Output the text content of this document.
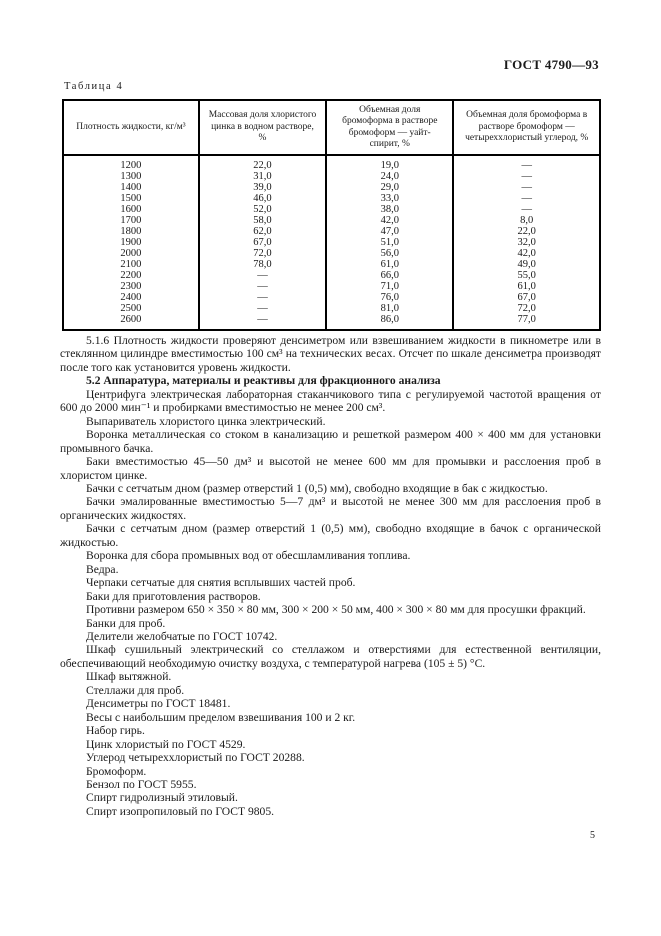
ГОСТ 4790—93
Таблица 4
Плотность жидкости, кг/м³	Массовая доля хлористого цинка в водном растворе, %	Объемная доля бромоформа в растворе бромоформ — уайт-спирит, %	Объемная доля бромоформа в растворе бромоформ — четыреххлористый углерод, %
1200	22,0	19,0	—
1300	31,0	24,0	—
1400	39,0	29,0	—
1500	46,0	33,0	—
1600	52,0	38,0	—
1700	58,0	42,0	8,0
1800	62,0	47,0	22,0
1900	67,0	51,0	32,0
2000	72,0	56,0	42,0
2100	78,0	61,0	49,0
2200	—	66,0	55,0
2300	—	71,0	61,0
2400	—	76,0	67,0
2500	—	81,0	72,0
2600	—	86,0	77,0

5.1.6 Плотность жидкости проверяют денсиметром или взвешиванием жидкости в пикнометре или в стеклянном цилиндре вместимостью 100 см³ на технических весах. Отсчет по шкале денсиметра производят после того как установится уровень жидкости.

5.2 Аппаратура, материалы и реактивы для фракционного анализа

Центрифуга электрическая лабораторная стаканчикового типа с регулируемой частотой вращения от 600 до 2000 мин⁻¹ и пробирками вместимостью не менее 200 см³.

Выпариватель хлористого цинка электрический.

Воронка металлическая со стоком в канализацию и решеткой размером 400 × 400 мм для установки промывного бачка.

Баки вместимостью 45—50 дм³ и высотой не менее 600 мм для промывки и расслоения проб в хлористом цинке.

Бачки с сетчатым дном (размер отверстий 1 (0,5) мм), свободно входящие в бак с жидкостью.

Бачки эмалированные вместимостью 5—7 дм³ и высотой не менее 300 мм для расслоения проб в органических жидкостях.

Бачки с сетчатым дном (размер отверстий 1 (0,5) мм), свободно входящие в бачок с органической жидкостью.

Воронка для сбора промывных вод от обесшламливания топлива.

Ведра.

Черпаки сетчатые для снятия всплывших частей проб.

Баки для приготовления растворов.

Противни размером 650 × 350 × 80 мм, 300 × 200 × 50 мм, 400 × 300 × 80 мм для просушки фракций.

Банки для проб.

Делители желобчатые по ГОСТ 10742.

Шкаф сушильный электрический со стеллажом и отверстиями для естественной вентиляции, обеспечивающий необходимую очистку воздуха, с температурой нагрева (105 ± 5) °С.

Шкаф вытяжной.

Стеллажи для проб.

Денсиметры по ГОСТ 18481.

Весы с наибольшим пределом взвешивания 100 и 2 кг.

Набор гирь.

Цинк хлористый по ГОСТ 4529.

Углерод четыреххлористый по ГОСТ 20288.

Бромоформ.

Бензол по ГОСТ 5955.

Спирт гидролизный этиловый.

Спирт изопропиловый по ГОСТ 9805.

5
